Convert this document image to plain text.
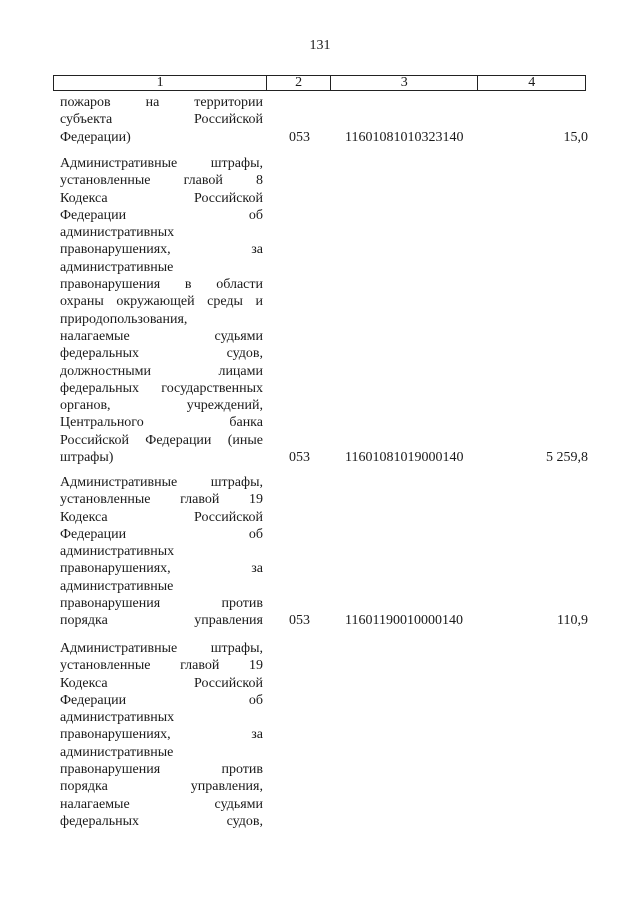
131
1	2	3	4
пожаров на территории
субъекта Российской
Федерации)	053	11601081010323140	15,0
Административные штрафы,
установленные главой 8
Кодекса Российской
Федерации об
административных
правонарушениях, за
административные
правонарушения в области
охраны окружающей среды и
природопользования,
налагаемые судьями
федеральных судов,
должностными лицами
федеральных государственных
органов, учреждений,
Центрального банка
Российской Федерации (иные
штрафы)	053	11601081019000140	5 259,8
Административные штрафы,
установленные главой 19
Кодекса Российской
Федерации об
административных
правонарушениях, за
административные
правонарушения против
порядка управления 053	11601190010000140	110,9
Административные штрафы,
установленные главой 19
Кодекса Российской
Федерации об
административных
правонарушениях, за
административные
правонарушения против
порядка управления,
налагаемые судьями
федеральных судов,
